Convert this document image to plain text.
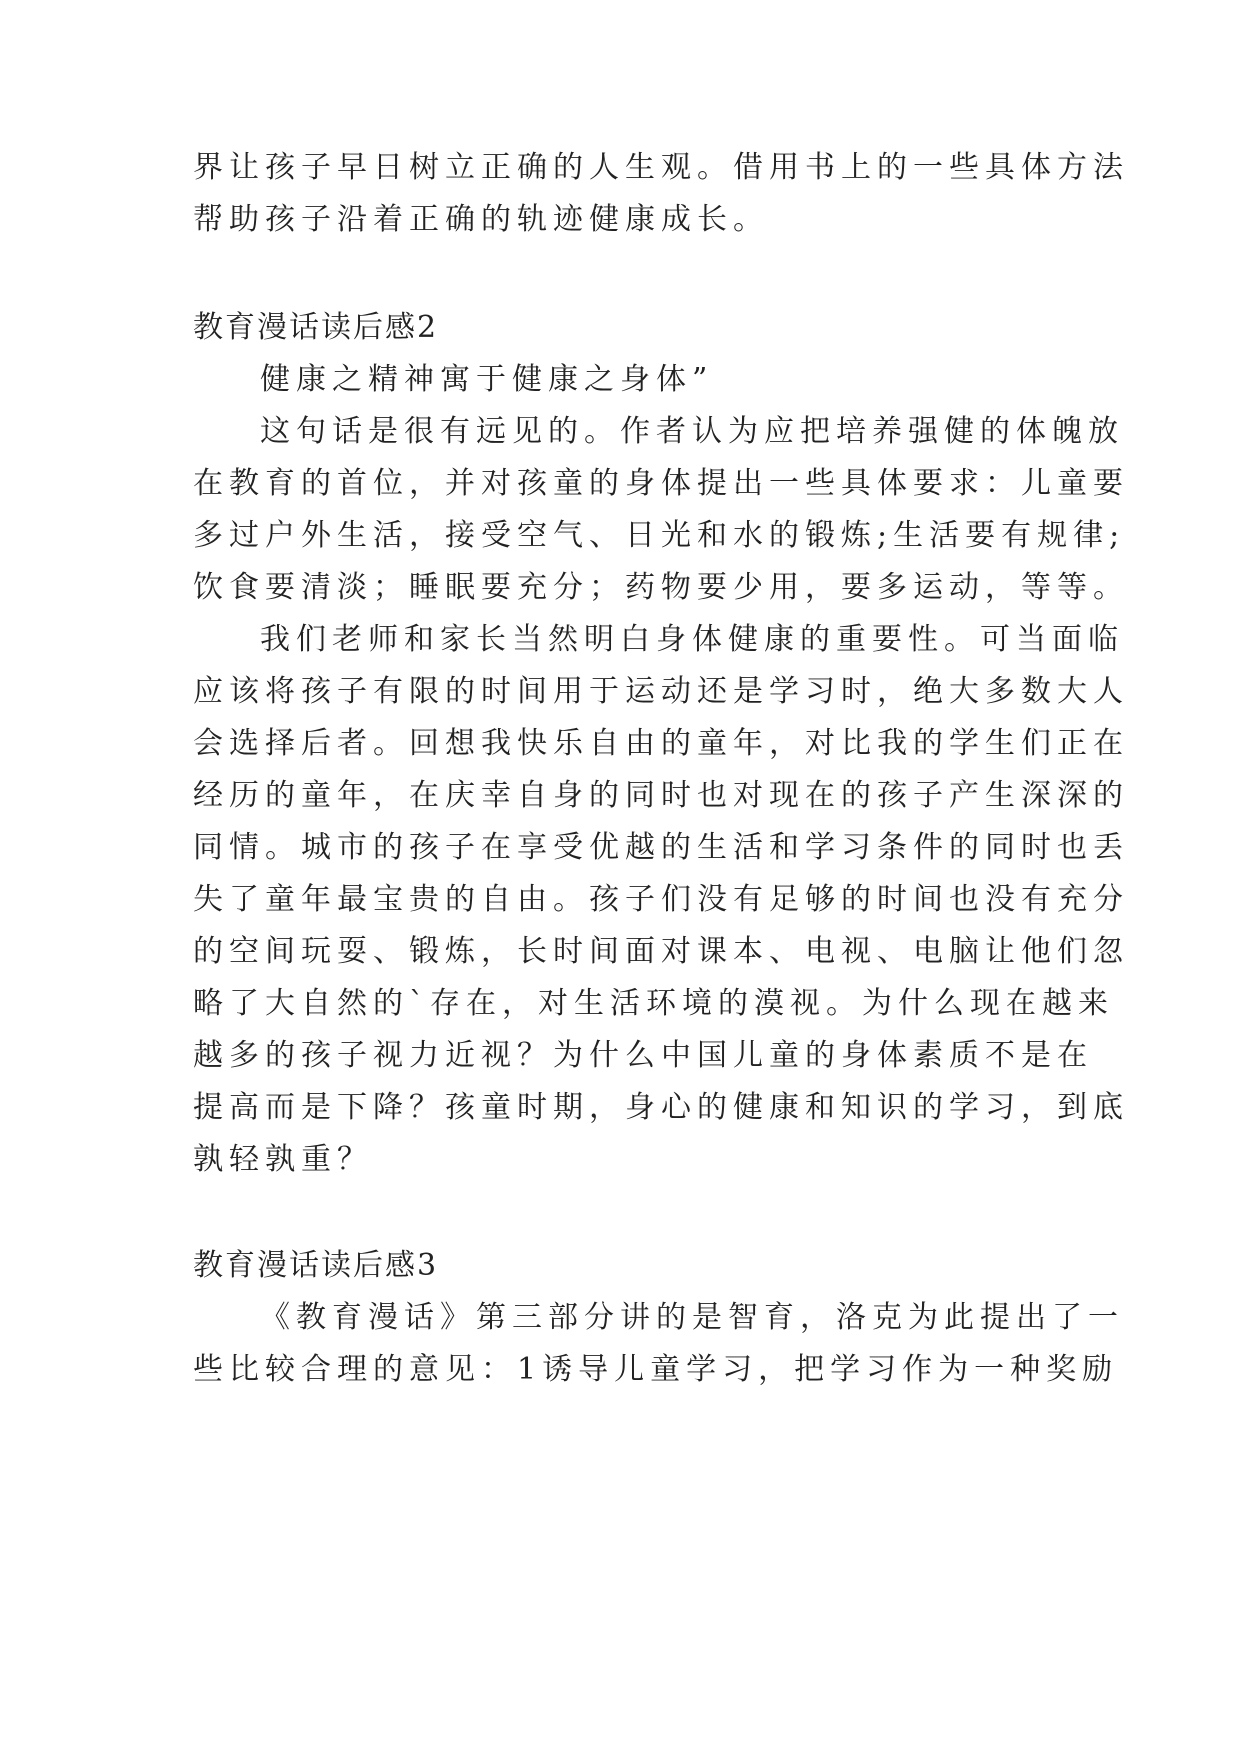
界让孩子早日树立正确的人生观。借用书上的一些具体方法
帮助孩子沿着正确的轨迹健康成长。
教育漫话读后感2
健康之精神寓于健康之身体”
这句话是很有远见的。作者认为应把培养强健的体魄放
在教育的首位，并对孩童的身体提出一些具体要求：儿童要
多过户外生活，接受空气、日光和水的锻炼;生活要有规律;
饮食要清淡；睡眠要充分；药物要少用，要多运动，等等。
我们老师和家长当然明白身体健康的重要性。可当面临
应该将孩子有限的时间用于运动还是学习时，绝大多数大人
会选择后者。回想我快乐自由的童年，对比我的学生们正在
经历的童年，在庆幸自身的同时也对现在的孩子产生深深的
同情。城市的孩子在享受优越的生活和学习条件的同时也丢
失了童年最宝贵的自由。孩子们没有足够的时间也没有充分
的空间玩耍、锻炼，长时间面对课本、电视、电脑让他们忽
略了大自然的`存在，对生活环境的漠视。为什么现在越来
越多的孩子视力近视？为什么中国儿童的身体素质不是在
提高而是下降？孩童时期，身心的健康和知识的学习，到底
孰轻孰重？
教育漫话读后感3
《教育漫话》第三部分讲的是智育，洛克为此提出了一
些比较合理的意见：1诱导儿童学习，把学习作为一种奖励
